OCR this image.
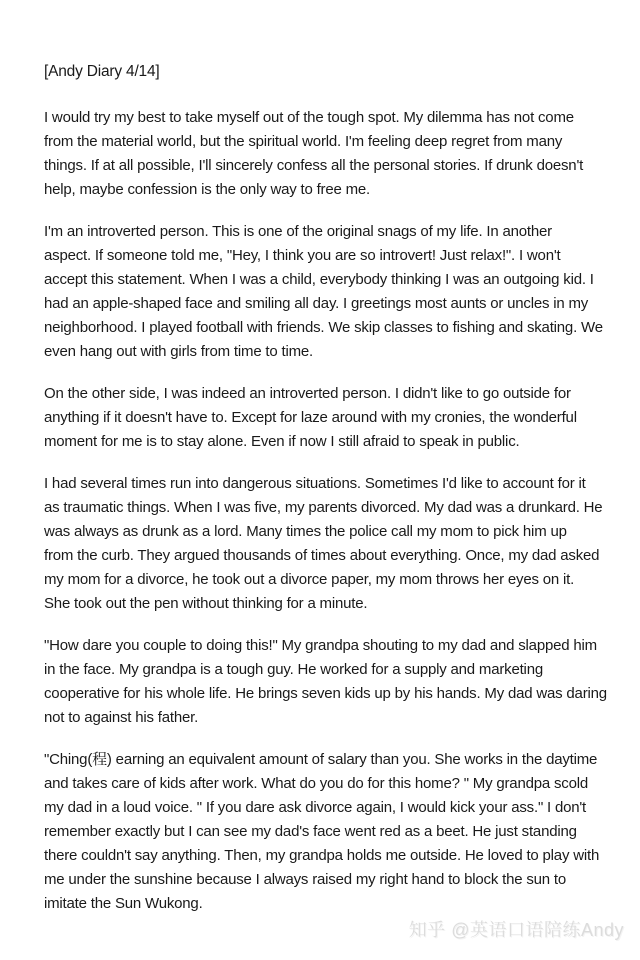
[Andy Diary 4/14]
I would try my best to take myself out of the tough spot. My dilemma has not come
from the material world, but the spiritual world. I'm feeling deep regret from many
things. If at all possible, I'll sincerely confess all the personal stories. If drunk doesn't
help, maybe confession is the only way to free me.
I'm an introverted person. This is one of the original snags of my life. In another
aspect. If someone told me, "Hey, I think you are so introvert! Just relax!". I won't
accept this statement. When I was a child, everybody thinking I was an outgoing kid. I
had an apple-shaped face and smiling all day. I greetings most aunts or uncles in my
neighborhood. I played football with friends. We skip classes to fishing and skating. We
even hang out with girls from time to time.
On the other side, I was indeed an introverted person. I didn't like to go outside for
anything if it doesn't have to. Except for laze around with my cronies, the wonderful
moment for me is to stay alone. Even if now I still afraid to speak in public.
I had several times run into dangerous situations. Sometimes I'd like to account for it
as traumatic things. When I was five, my parents divorced. My dad was a drunkard. He
was always as drunk as a lord. Many times the police call my mom to pick him up
from the curb. They argued thousands of times about everything. Once, my dad asked
my mom for a divorce, he took out a divorce paper, my mom throws her eyes on it.
She took out the pen without thinking for a minute.
"How dare you couple to doing this!" My grandpa shouting to my dad and slapped him
in the face. My grandpa is a tough guy. He worked for a supply and marketing
cooperative for his whole life. He brings seven kids up by his hands. My dad was daring
not to against his father.
"Ching(程) earning an equivalent amount of salary than you. She works in the daytime
and takes care of kids after work. What do you do for this home? " My grandpa scold
my dad in a loud voice. " If you dare ask divorce again, I would kick your ass." I don't
remember exactly but I can see my dad's face went red as a beet. He just standing
there couldn't say anything. Then, my grandpa holds me outside. He loved to play with
me under the sunshine because I always raised my right hand to block the sun to
imitate the Sun Wukong.
知乎 @英语口语陪练Andy
